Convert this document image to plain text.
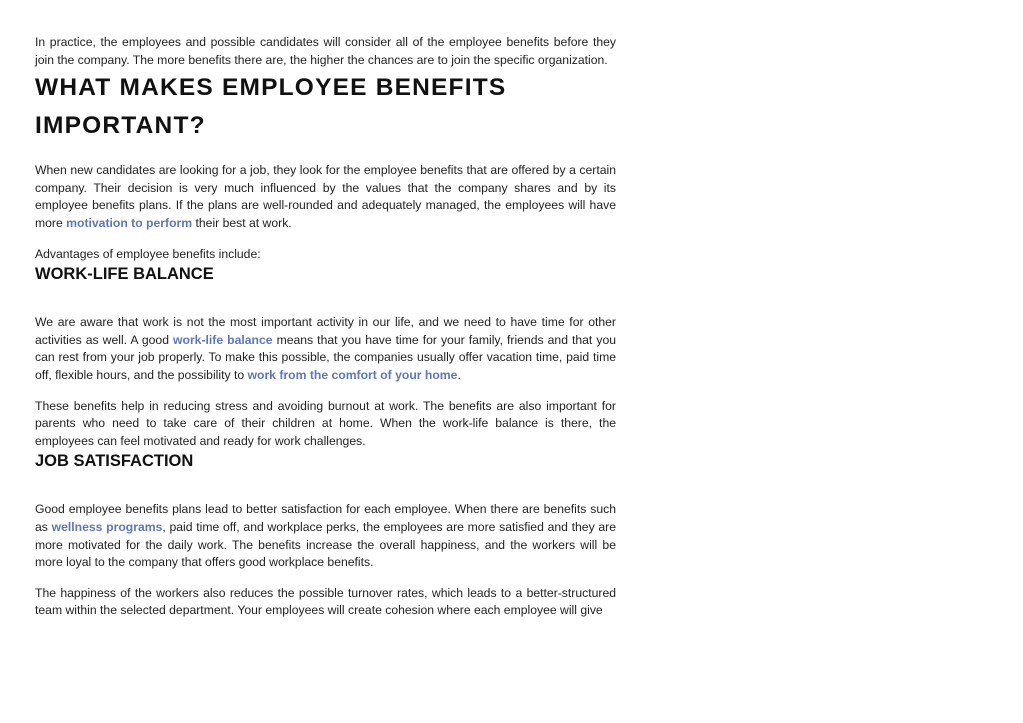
In practice, the employees and possible candidates will consider all of the employee benefits before they join the company. The more benefits there are, the higher the chances are to join the specific organization.

WHAT MAKES EMPLOYEE BENEFITS IMPORTANT?

When new candidates are looking for a job, they look for the employee benefits that are offered by a certain company. Their decision is very much influenced by the values that the company shares and by its employee benefits plans. If the plans are well-rounded and adequately managed, the employees will have more motivation to perform their best at work.

Advantages of employee benefits include:

WORK-LIFE BALANCE

We are aware that work is not the most important activity in our life, and we need to have time for other activities as well. A good work-life balance means that you have time for your family, friends and that you can rest from your job properly. To make this possible, the companies usually offer vacation time, paid time off, flexible hours, and the possibility to work from the comfort of your home.

These benefits help in reducing stress and avoiding burnout at work. The benefits are also important for parents who need to take care of their children at home. When the work-life balance is there, the employees can feel motivated and ready for work challenges.

JOB SATISFACTION

Good employee benefits plans lead to better satisfaction for each employee. When there are benefits such as wellness programs, paid time off, and workplace perks, the employees are more satisfied and they are more motivated for the daily work. The benefits increase the overall happiness, and the workers will be more loyal to the company that offers good workplace benefits.

The happiness of the workers also reduces the possible turnover rates, which leads to a better-structured team within the selected department. Your employees will create cohesion where each employee will give
